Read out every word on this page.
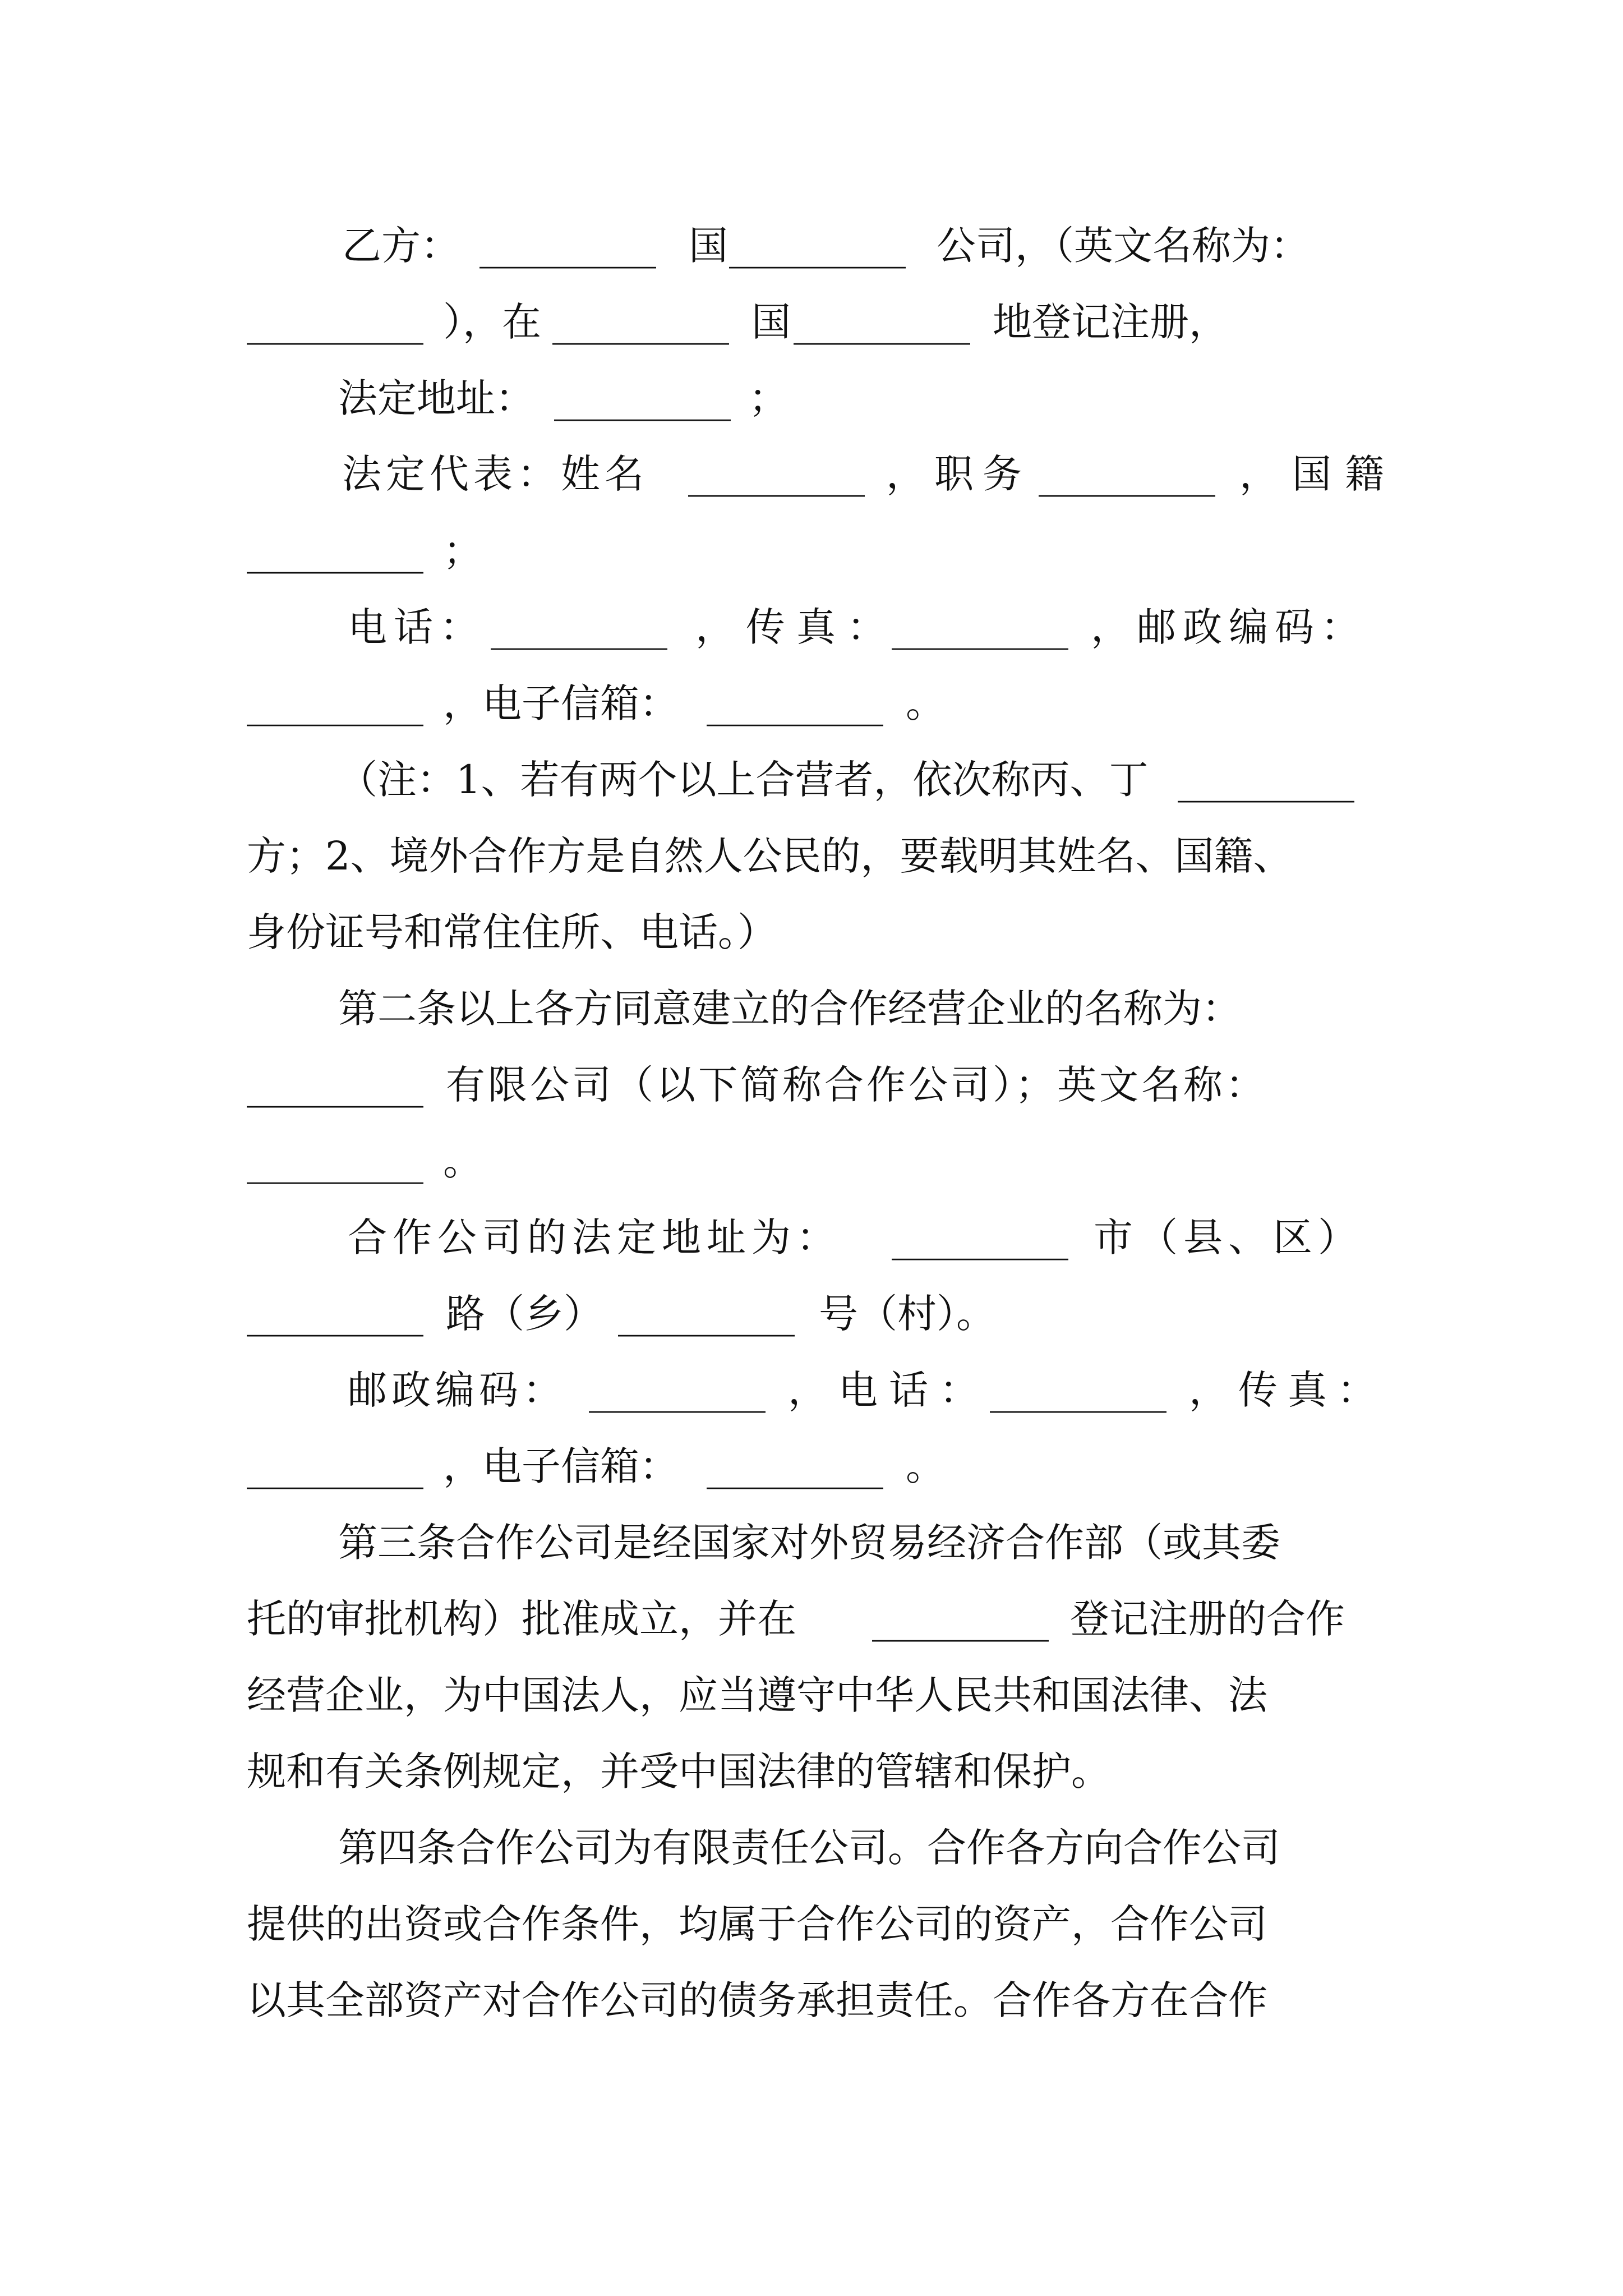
乙方：

_________

国

_________

公司，（英文名称为：

_________

），在

_________

国

_________

地登记注册，

法定地址：

_________

；

法定代表：姓名

_________

，职务

_________

，国籍

_________

；

电话：

_________

，传真：

_________

，邮政编码：

_________

，电子信箱：

_________

。

（注：1、若有两个以上合营者，依次称丙、丁

_________

方；2、境外合作方是自然人公民的，要载明其姓名、国籍、

身份证号和常住住所、电话。）

第二条以上各方同意建立的合作经营企业的名称为：

_________

有限公司（以下简称合作公司）；英文名称：

_________

。

合作公司的法定地址为：

_________

市（县、区）

_________

路（乡）

_________

号（村）。

邮政编码：

_________

，电话：

_________

，传真：

_________

，电子信箱：

_________

。

第三条合作公司是经国家对外贸易经济合作部（或其委

托的审批机构）批准成立，并在

_________

登记注册的合作

经营企业，为中国法人，应当遵守中华人民共和国法律、法

规和有关条例规定，并受中国法律的管辖和保护。

第四条合作公司为有限责任公司。合作各方向合作公司

提供的出资或合作条件，均属于合作公司的资产，合作公司

以其全部资产对合作公司的债务承担责任。合作各方在合作
